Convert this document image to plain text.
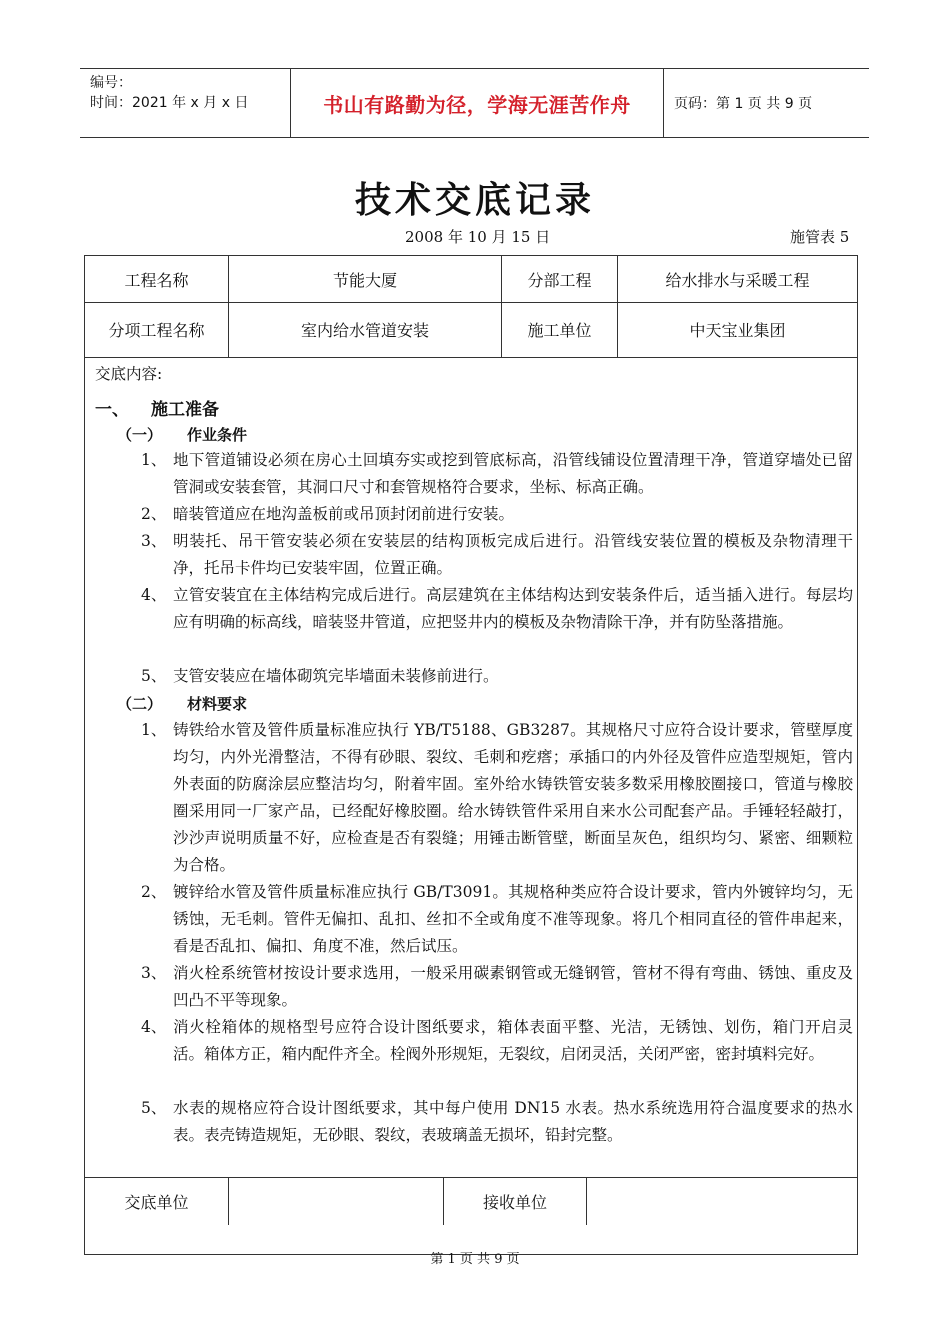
编号：
时间：2021 年 x 月 x 日	书山有路勤为径，学海无涯苦作舟	页码：第 1 页 共 9 页
技术交底记录
2008 年 10 月 15 日	施管表 5
工程名称	节能大厦	分部工程	给水排水与采暖工程
分项工程名称	室内给水管道安装	施工单位	中天宝业集团

交底内容:

一、 施工准备
（一） 作业条件
1、 地下管道铺设必须在房心土回填夯实或挖到管底标高，沿管线铺设位置清理干净，管道穿墙处已留管洞或安装套管，其洞口尺寸和套管规格符合要求，坐标、标高正确。
2、 暗装管道应在地沟盖板前或吊顶封闭前进行安装。
3、 明装托、吊干管安装必须在安装层的结构顶板完成后进行。沿管线安装位置的模板及杂物清理干净，托吊卡件均已安装牢固，位置正确。
4、 立管安装宜在主体结构完成后进行。高层建筑在主体结构达到安装条件后，适当插入进行。每层均应有明确的标高线，暗装竖井管道，应把竖井内的模板及杂物清除干净，并有防坠落措施。
5、 支管安装应在墙体砌筑完毕墙面未装修前进行。
（二） 材料要求
1、 铸铁给水管及管件质量标准应执行 YB/T5188、GB3287。其规格尺寸应符合设计要求，管壁厚度均匀，内外光滑整洁，不得有砂眼、裂纹、毛刺和疙瘩；承插口的内外径及管件应造型规矩，管内外表面的防腐涂层应整洁均匀，附着牢固。室外给水铸铁管安装多数采用橡胶圈接口，管道与橡胶圈采用同一厂家产品，已经配好橡胶圈。给水铸铁管件采用自来水公司配套产品。手锤轻轻敲打，沙沙声说明质量不好，应检查是否有裂缝；用锤击断管壁，断面呈灰色，组织均匀、紧密、细颗粒为合格。
2、 镀锌给水管及管件质量标准应执行 GB/T3091。其规格种类应符合设计要求，管内外镀锌均匀，无锈蚀，无毛刺。管件无偏扣、乱扣、丝扣不全或角度不准等现象。将几个相同直径的管件串起来，看是否乱扣、偏扣、角度不准，然后试压。
3、 消火栓系统管材按设计要求选用，一般采用碳素钢管或无缝钢管，管材不得有弯曲、锈蚀、重皮及凹凸不平等现象。
4、 消火栓箱体的规格型号应符合设计图纸要求，箱体表面平整、光洁，无锈蚀、划伤，箱门开启灵活。箱体方正，箱内配件齐全。栓阀外形规矩，无裂纹，启闭灵活，关闭严密，密封填料完好。
5、 水表的规格应符合设计图纸要求，其中每户使用 DN15 水表。热水系统选用符合温度要求的热水表。表壳铸造规矩，无砂眼、裂纹，表玻璃盖无损坏，铅封完整。
交底单位	接收单位
第 1 页 共 9 页
